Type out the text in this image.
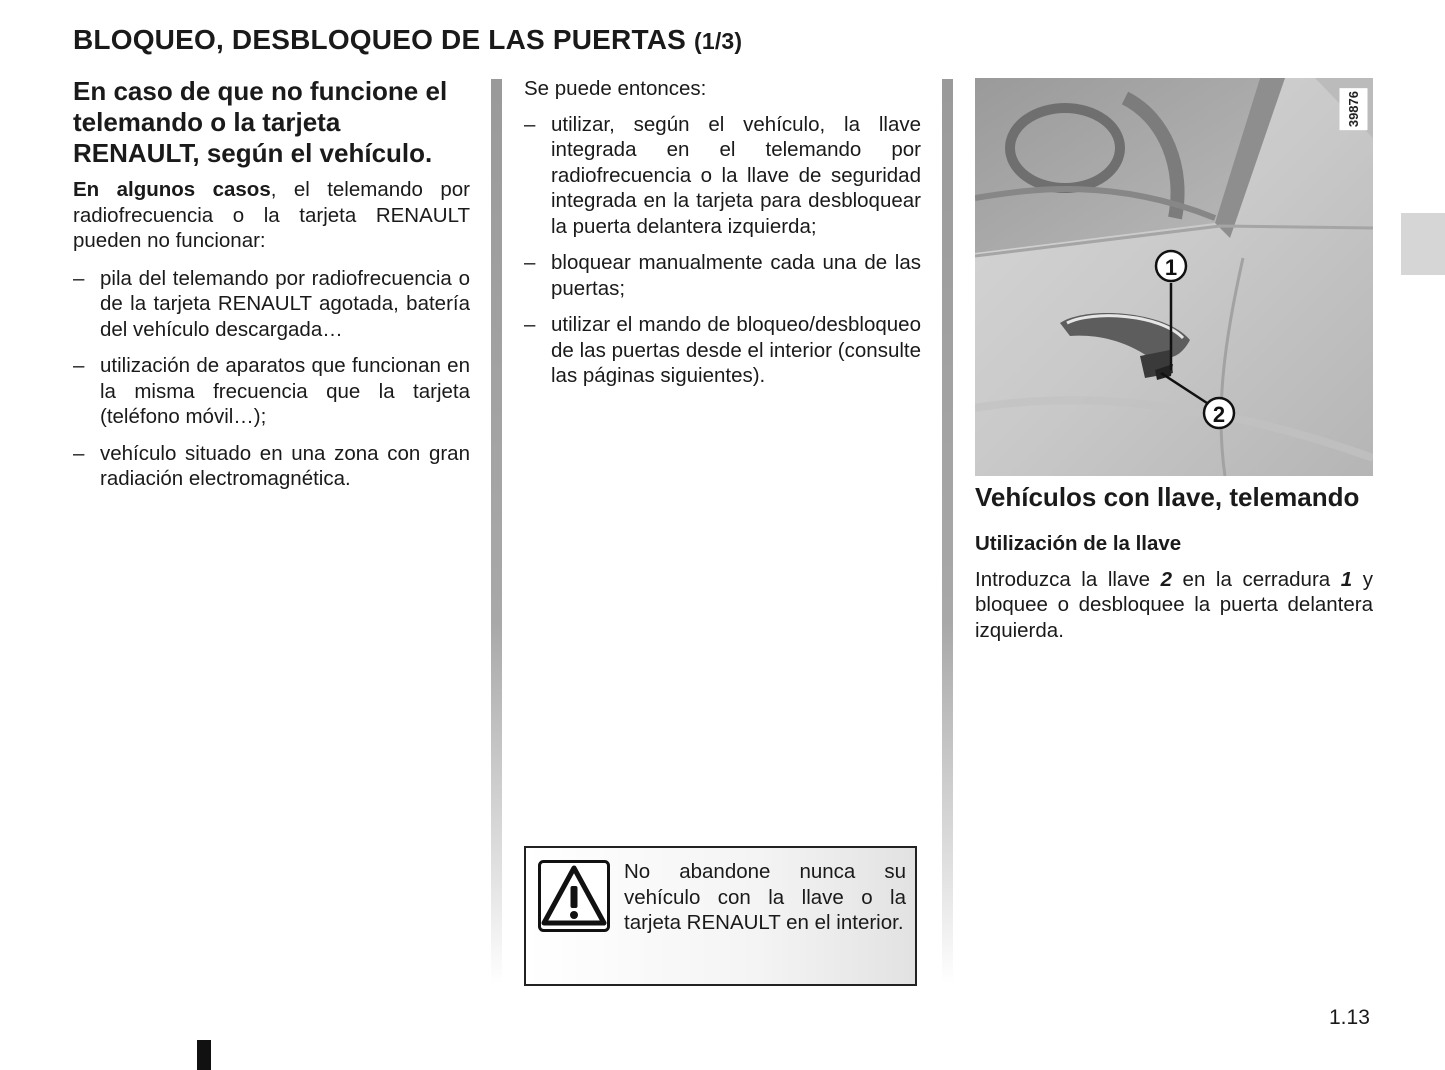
BLOQUEO, DESBLOQUEO DE LAS PUERTAS (1/3)
En caso de que no funcione el telemando o la tarjeta RENAULT, según el vehículo.

En algunos casos, el telemando por radiofrecuencia o la tarjeta RENAULT pueden no funcionar:

– pila del telemando por radiofrecuencia o de la tarjeta RENAULT agotada, batería del vehículo descargada…
– utilización de aparatos que funcionan en la misma frecuencia que la tarjeta (teléfono móvil…);
– vehículo situado en una zona con gran radiación electromagnética.

Se puede entonces:

– utilizar, según el vehículo, la llave integrada en el telemando por radiofrecuencia o la llave de seguridad integrada en la tarjeta para desbloquear la puerta delantera izquierda;
– bloquear manualmente cada una de las puertas;
– utilizar el mando de bloqueo/desbloqueo de las puertas desde el interior (consulte las páginas siguientes).
No abandone nunca su vehículo con la llave o la tarjeta RENAULT en el interior.
1
2
39876
Vehículos con llave, telemando
Utilización de la llave

Introduzca la llave 2 en la cerradura 1 y bloquee o desbloquee la puerta delantera izquierda.

1.13
